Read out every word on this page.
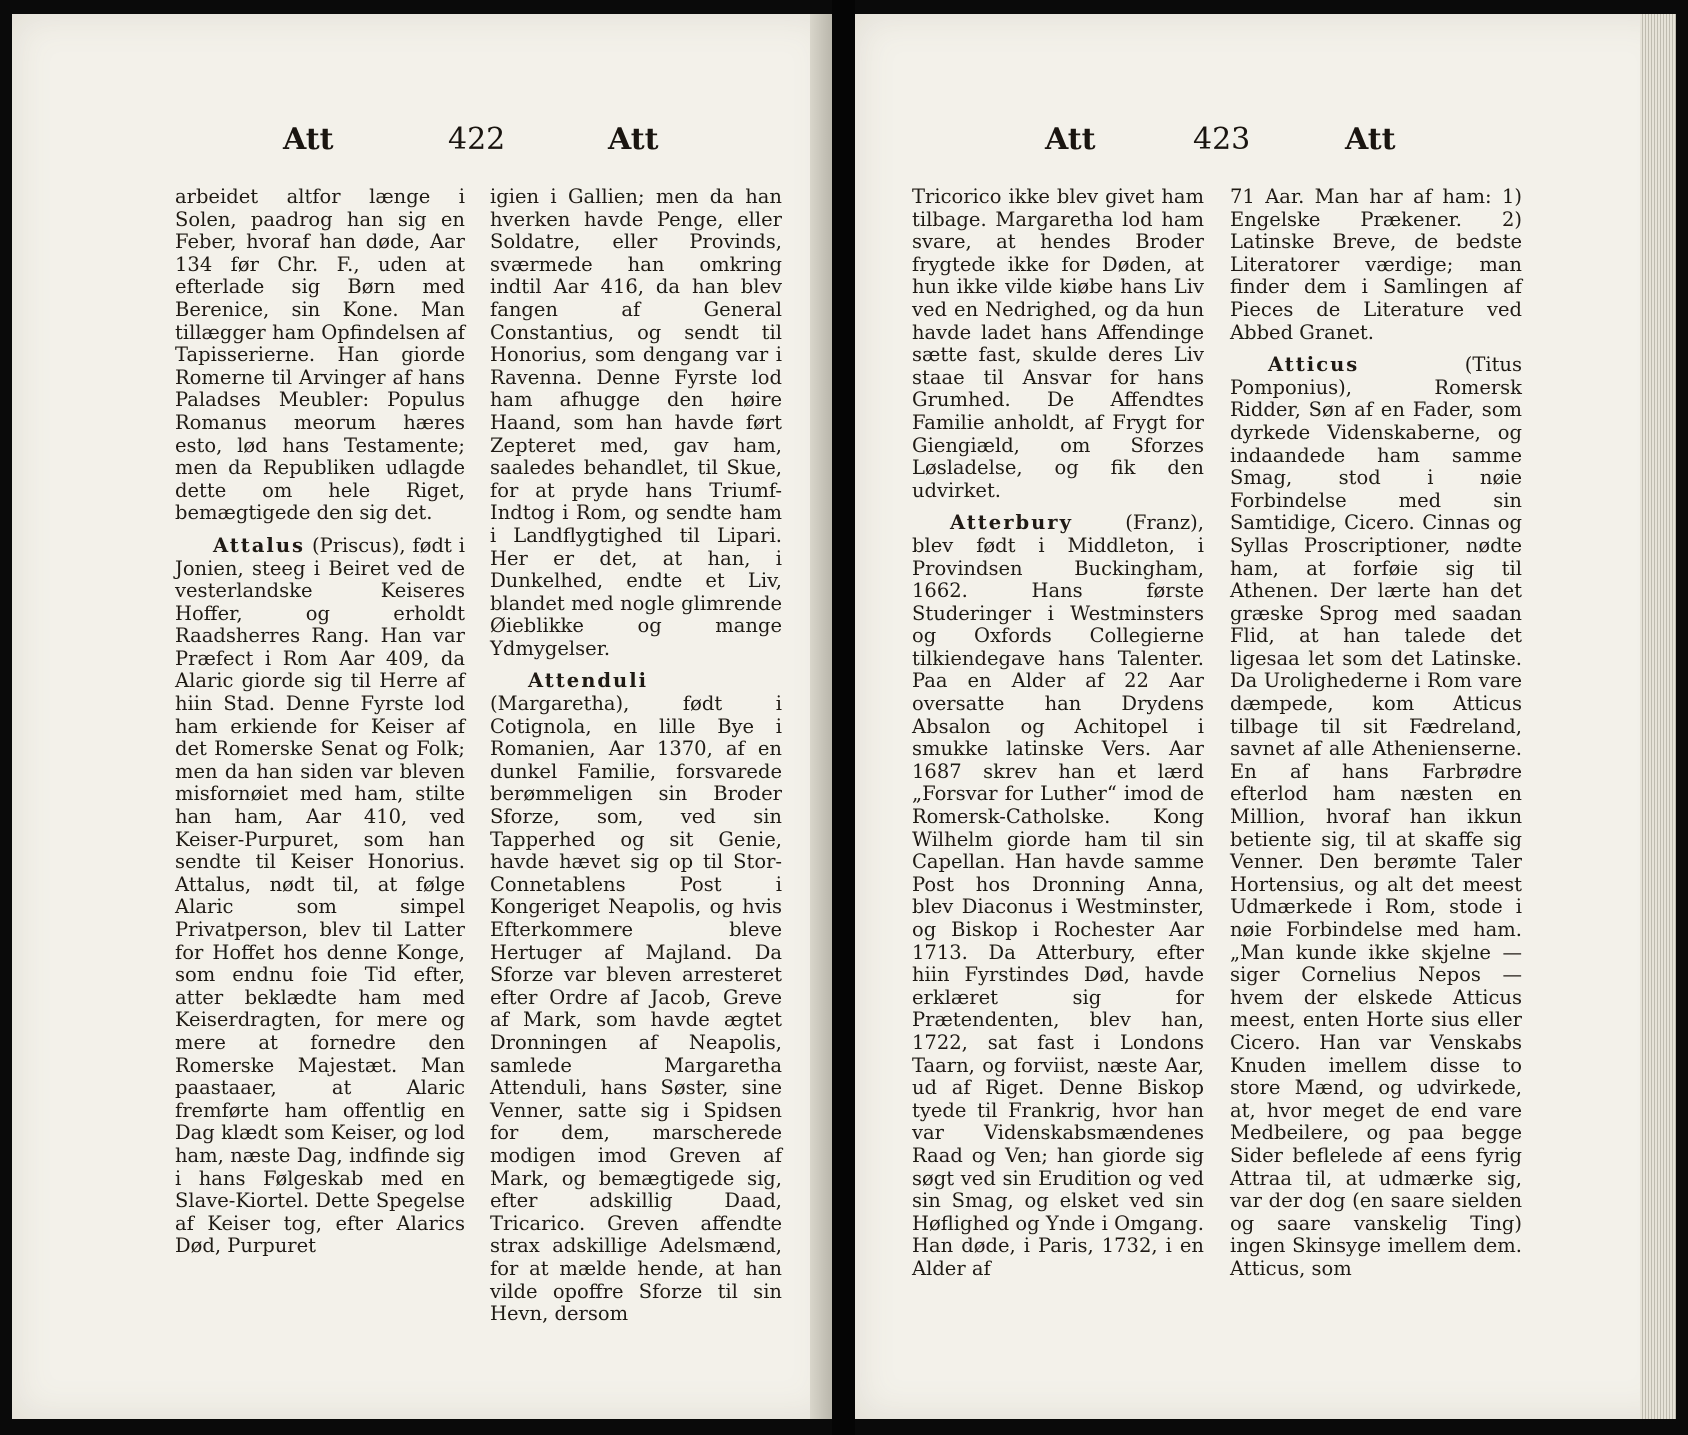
Att	422	Att	Att	423	Att

arbeidet altfor længe i Solen, paadrog han sig en Feber, hvoraf han døde, Aar 134 før Chr. F., uden at efterlade sig Børn med Berenice, sin Kone. Man tillægger ham Opfindelsen af Tapisserierne. Han giorde Romerne til Arvinger af hans Paladses Meubler: Populus Romanus meorum hæres esto, lød hans Testamente; men da Republiken udlagde dette om hele Riget, bemægtigede den sig det.

Attalus (Priscus), født i Jonien, steeg i Beiret ved de vesterlandske Keiseres Hoffer, og erholdt Raadsherres Rang. Han var Præfect i Rom Aar 409, da Alaric giorde sig til Herre af hiin Stad. Denne Fyrste lod ham erkiende for Keiser af det Romerske Senat og Folk; men da han siden var bleven misfornøiet med ham, stilte han ham, Aar 410, ved Keiser-Purpuret, som han sendte til Keiser Honorius. Attalus, nødt til, at følge Alaric som simpel Privatperson, blev til Latter for Hoffet hos denne Konge, som endnu foie Tid efter, atter beklædte ham med Keiserdragten, for mere og mere at fornedre den Romerske Majestæt. Man paastaaer, at Alaric fremførte ham offentlig en Dag klædt som Keiser, og lod ham, næste Dag, indfinde sig i hans Følgeskab med en Slave-Kiortel. Dette Spegelse af Keiser tog, efter Alarics Død, Purpuret

igien i Gallien; men da han hverken havde Penge, eller Soldatre, eller Provinds, sværmede han omkring indtil Aar 416, da han blev fangen af General Constantius, og sendt til Honorius, som dengang var i Ravenna. Denne Fyrste lod ham afhugge den høire Haand, som han havde ført Zepteret med, gav ham, saaledes behandlet, til Skue, for at pryde hans Triumf-Indtog i Rom, og sendte ham i Landflygtighed til Lipari. Her er det, at han, i Dunkelhed, endte et Liv, blandet med nogle glimrende Øieblikke og mange Ydmygelser.

Attenduli (Margaretha), født i Cotignola, en lille Bye i Romanien, Aar 1370, af en dunkel Familie, forsvarede berømmeligen sin Broder Sforze, som, ved sin Tapperhed og sit Genie, havde hævet sig op til Stor-Connetablens Post i Kongeriget Neapolis, og hvis Efterkommere bleve Hertuger af Majland. Da Sforze var bleven arresteret efter Ordre af Jacob, Greve af Mark, som havde ægtet Dronningen af Neapolis, samlede Margaretha Attenduli, hans Søster, sine Venner, satte sig i Spidsen for dem, marscherede modigen imod Greven af Mark, og bemægtigede sig, efter adskillig Daad, Tricarico. Greven affendte strax adskillige Adelsmænd, for at mælde hende, at han vilde opoffre Sforze til sin Hevn, dersom

Tricorico ikke blev givet ham tilbage. Margaretha lod ham svare, at hendes Broder frygtede ikke for Døden, at hun ikke vilde kiøbe hans Liv ved en Nedrighed, og da hun havde ladet hans Affendinge sætte fast, skulde deres Liv staae til Ansvar for hans Grumhed. De Affendtes Familie anholdt, af Frygt for Giengiæld, om Sforzes Løsladelse, og fik den udvirket.

Atterbury (Franz), blev født i Middleton, i Provindsen Buckingham, 1662. Hans første Studeringer i Westminsters og Oxfords Collegierne tilkiendegave hans Talenter. Paa en Alder af 22 Aar oversatte han Drydens Absalon og Achitopel i smukke latinske Vers. Aar 1687 skrev han et lærd „Forsvar for Luther“ imod de Romersk-Catholske. Kong Wilhelm giorde ham til sin Capellan. Han havde samme Post hos Dronning Anna, blev Diaconus i Westminster, og Biskop i Rochester Aar 1713. Da Atterbury, efter hiin Fyrstindes Død, havde erklæret sig for Prætendenten, blev han, 1722, sat fast i Londons Taarn, og forviist, næste Aar, ud af Riget. Denne Biskop tyede til Frankrig, hvor han var Videnskabsmændenes Raad og Ven; han giorde sig søgt ved sin Erudition og ved sin Smag, og elsket ved sin Høflighed og Ynde i Omgang. Han døde, i Paris, 1732, i en Alder af

71 Aar. Man har af ham: 1) Engelske Prækener. 2) Latinske Breve, de bedste Literatorer værdige; man finder dem i Samlingen af Pieces de Literature ved Abbed Granet.

Atticus (Titus Pomponius), Romersk Ridder, Søn af en Fader, som dyrkede Videnskaberne, og indaandede ham samme Smag, stod i nøie Forbindelse med sin Samtidige, Cicero. Cinnas og Syllas Proscriptioner, nødte ham, at forføie sig til Athenen. Der lærte han det græske Sprog med saadan Flid, at han talede det ligesaa let som det Latinske. Da Urolighederne i Rom vare dæmpede, kom Atticus tilbage til sit Fædreland, savnet af alle Athenienserne. En af hans Farbrødre efterlod ham næsten en Million, hvoraf han ikkun betiente sig, til at skaffe sig Venner. Den berømte Taler Hortensius, og alt det meest Udmærkede i Rom, stode i nøie Forbindelse med ham. „Man kunde ikke skjelne — siger Cornelius Nepos — hvem der elskede Atticus meest, enten Horte sius eller Cicero. Han var Venskabs Knuden imellem disse to store Mænd, og udvirkede, at, hvor meget de end vare Medbeilere, og paa begge Sider beflelede af eens fyrig Attraa til, at udmærke sig, var der dog (en saare sielden og saare vanskelig Ting) ingen Skinsyge imellem dem. Atticus, som
